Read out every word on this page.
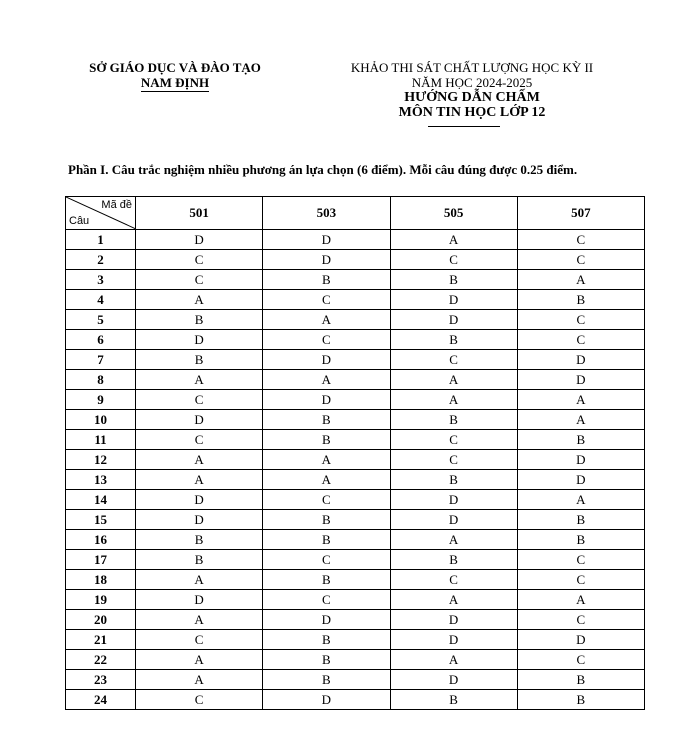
SỞ GIÁO DỤC VÀ ĐÀO TẠO
NAM ĐỊNH
KHẢO THI SÁT CHẤT LƯỢNG HỌC KỲ II
NĂM HỌC 2024-2025
HƯỚNG DẪN CHẤM
MÔN TIN HỌC LỚP 12
Phần I. Câu trắc nghiệm nhiều phương án lựa chọn (6 điểm). Mỗi câu đúng được 0.25 điểm.
Mã đề
Câu	501	503	505	507
1	D	D	A	C
2	C	D	C	C
3	C	B	B	A
4	A	C	D	B
5	B	A	D	C
6	D	C	B	C
7	B	D	C	D
8	A	A	A	D
9	C	D	A	A
10	D	B	B	A
11	C	B	C	B
12	A	A	C	D
13	A	A	B	D
14	D	C	D	A
15	D	B	D	B
16	B	B	A	B
17	B	C	B	C
18	A	B	C	C
19	D	C	A	A
20	A	D	D	C
21	C	B	D	D
22	A	B	A	C
23	A	B	D	B
24	C	D	B	B
